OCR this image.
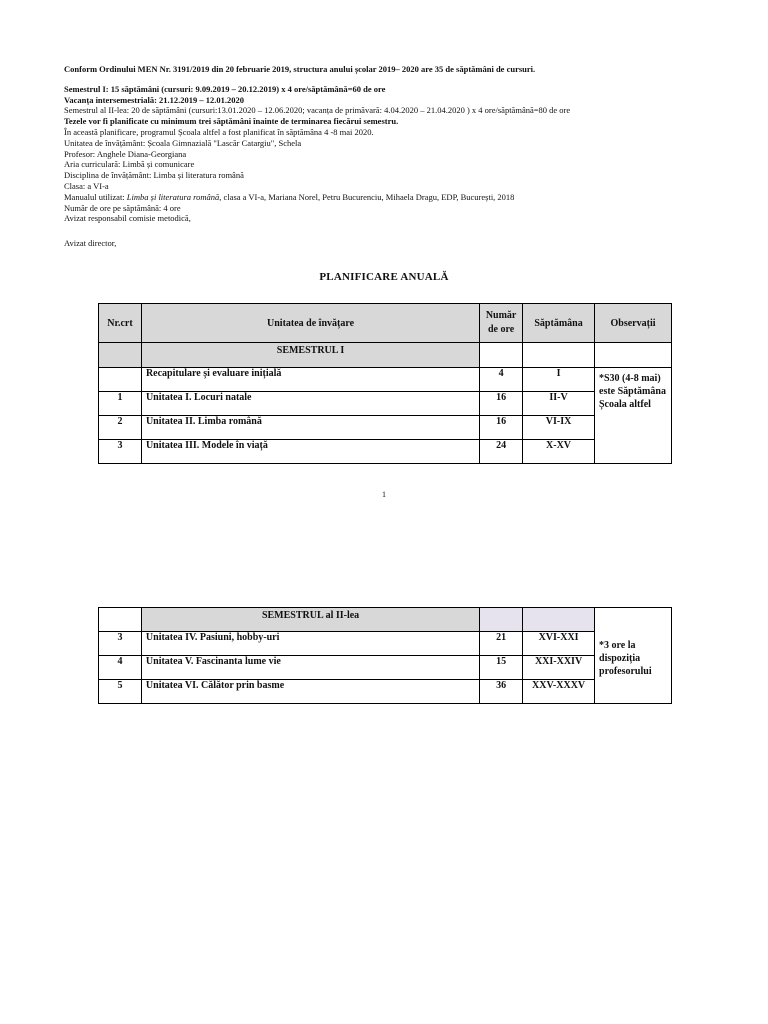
Conform Ordinului MEN Nr. 3191/2019 din 20 februarie 2019, structura anului școlar 2019– 2020 are 35 de săptămâni de cursuri.
Semestrul I: 15 săptămâni (cursuri: 9.09.2019 – 20.12.2019) x 4 ore/săptămână=60 de ore
Vacanța intersemestrială: 21.12.2019 – 12.01.2020
Semestrul al II-lea: 20 de săptămâni (cursuri:13.01.2020 – 12.06.2020; vacanța de primăvară: 4.04.2020 – 21.04.2020 ) x 4 ore/săptămână=80 de ore
Tezele vor fi planificate cu minimum trei săptămâni înainte de terminarea fiecărui semestru.
În această planificare, programul Școala altfel a fost planificat în săptămâna 4 -8 mai 2020.
Unitatea de învățământ: Școala Gimnazială "Lascăr Catargiu", Schela
Profesor: Anghele Diana-Georgiana
Aria curriculară: Limbă și comunicare
Disciplina de învățământ: Limba și literatura română
Clasa: a VI-a
Manualul utilizat: Limba și literatura română, clasa a VI-a, Mariana Norel, Petru Bucurenciu, Mihaela Dragu, EDP, București, 2018
Număr de ore pe săptămână: 4 ore
Avizat responsabil comisie metodică,
Avizat director,
PLANIFICARE ANUALĂ
Nr.crt	Unitatea de învățare	Număr de ore	Săptămâna	Observații
	SEMESTRUL I			
	Recapitulare și evaluare inițială	4	I	*S30 (4-8 mai) este Săptămâna Școala altfel
1	Unitatea I. Locuri natale	16	II-V	
2	Unitatea II. Limba română	16	VI-IX	
3	Unitatea III. Modele în viață	24	X-XV	
1
	SEMESTRUL al II-lea			*3 ore la dispoziția profesorului
3	Unitatea IV. Pasiuni, hobby-uri	21	XVI-XXI	
4	Unitatea V. Fascinanta lume vie	15	XXI-XXIV	
5	Unitatea VI. Călător prin basme	36	XXV-XXXV	
